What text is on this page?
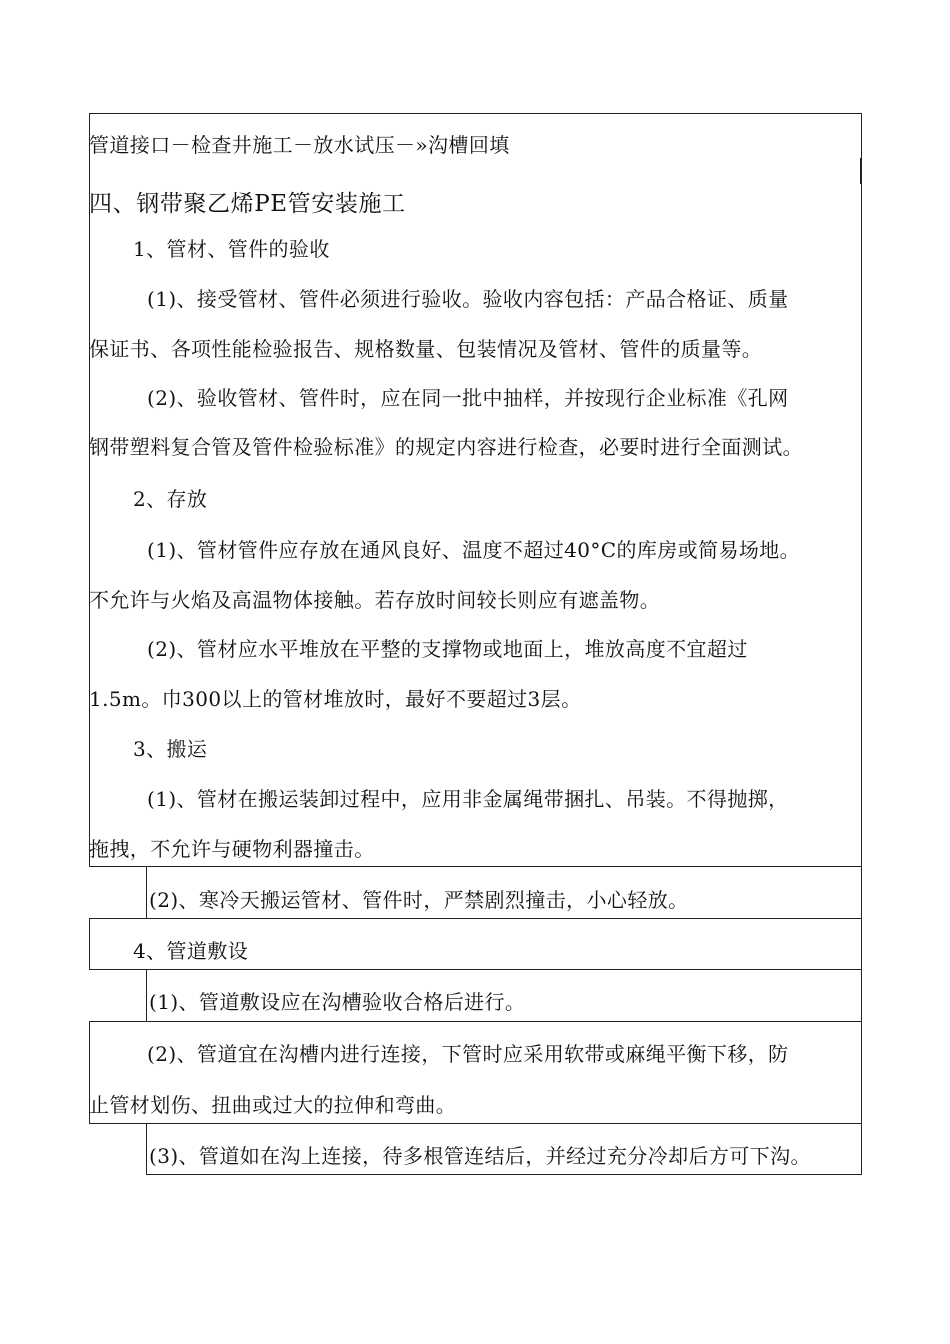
管道接口－检查井施工－放水试压－»沟槽回填
四、钢带聚乙烯PE管安装施工
1、管材、管件的验收
(1)、接受管材、管件必须进行验收。验收内容包括：产品合格证、质量
保证书、各项性能检验报告、规格数量、包装情况及管材、管件的质量等。
(2)、验收管材、管件时，应在同一批中抽样，并按现行企业标准《孔网
钢带塑料复合管及管件检验标准》的规定内容进行检查，必要时进行全面测试。
2、存放
(1)、管材管件应存放在通风良好、温度不超过40°C的库房或简易场地。
不允许与火焰及高温物体接触。若存放时间较长则应有遮盖物。
(2)、管材应水平堆放在平整的支撑物或地面上，堆放高度不宜超过
1.5m。巾300以上的管材堆放时，最好不要超过3层。
3、搬运
(1)、管材在搬运装卸过程中，应用非金属绳带捆扎、吊装。不得抛掷，
拖拽，不允许与硬物利器撞击。
(2)、寒冷天搬运管材、管件时，严禁剧烈撞击，小心轻放。
4、管道敷设
(1)、管道敷设应在沟槽验收合格后进行。
(2)、管道宜在沟槽内进行连接，下管时应采用软带或麻绳平衡下移，防
止管材划伤、扭曲或过大的拉伸和弯曲。
(3)、管道如在沟上连接，待多根管连结后，并经过充分冷却后方可下沟。
